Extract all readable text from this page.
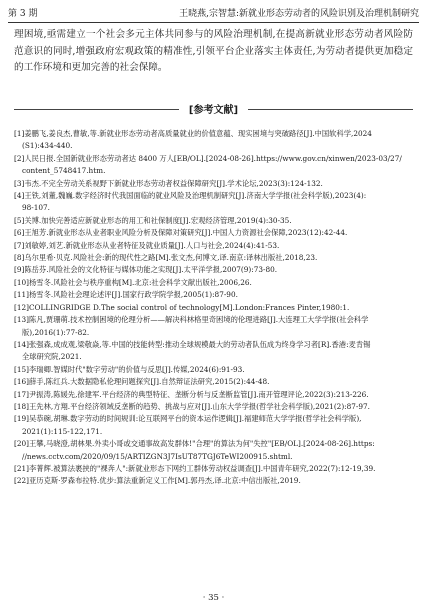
第 3 期	王晓燕,宗智慧:新就业形态劳动者的风险识别及治理机制研究
理困境,亟需建立一个社会多元主体共同参与的风险治理机制,在提高新就业形态劳动者风险防范意识的同时,增强政府宏观政策的精准性,引领平台企业落实主体责任,为劳动者提供更加稳定的工作环境和更加完善的社会保障。
[参考文献]
[1]姜鹏飞,姜良杰,曹敏,等.新就业形态劳动者高质量就业的价值意蕴、现实困境与突破路径[J].中国软科学,2024
(S1):434-440.
[2]人民日报.全国新就业形态劳动者达 8400 万人[EB/OL].[2024-08-26].https://www.gov.cn/xinwen/2023-03/27/
content_5748417.htm.
[3]韦杰.不完全劳动关系视野下新就业形态劳动者权益保障研究[J].学术论坛,2023(3):124-132.
[4]王铁,刘董,魏巍.数字经济时代我国面临的就业风险及治理机制研究[J].济南大学学报(社会科学版),2023(4):
98-107.
[5]关博.加快完善适应新就业形态的用工和社保制度[J].宏观经济管理,2019(4):30-35.
[6]王旭芳.新就业形态从业者职业风险分析及保障对策研究[J].中国人力资源社会保障,2023(12):42-44.
[7]刘敏婷,刘艺.新就业形态从业者特征及就业质量[J].人口与社会,2024(4):41-53.
[8]乌尔里希·贝克.风险社会:新的现代性之路[M].张文杰,何博文,译.南京:译林出版社,2018,23.
[9]陈岳芬.风险社会的文化特征与媒体功能之实现[J].太平洋学报,2007(9):73-80.
[10]杨雪冬.风险社会与秩序重构[M].北京:社会科学文献出版社,2006,26.
[11]杨雪冬.风险社会理论述评[J].国家行政学院学报,2005(1):87-90.
[12]COLLINGRIDGE D.The social control of technology[M].London:Frances Pinter,1980:1.
[13]陈凡,贾珊萌.技术控制困境的伦理分析——解决科林格里奇困境的伦理进路[J].大连理工大学学报(社会科学
版),2016(1):77-82.
[14]张强森,成成观,梁敬焱,等.中国的技能转型:推动全球规模最大的劳动者队伍成为终身学习者[R].香港:麦肯锡
全球研究院,2021.
[15]李瑞卿.智媒时代"数字劳动"的价值与反思[J].传媒,2024(6):91-93.
[16]薛手,陈红兵.大数据隐私伦理问题探究[J].自然辩证法研究,2015(2):44-48.
[17]尹振涛,陈媛先,徐建军.平台经济的典型特征、垄断分析与反垄断监管[J].南开管理评论,2022(3):213-226.
[18]王先林,方翔.平台经济领域反垄断的趋势、挑战与应对[J].山东大学学报(哲学社会科学版),2021(2):87-97.
[19]吴恭碗,胡琳.数字劳动的时间规训:论互联网平台的资本运作逻辑[J].福建师范大学学报(哲学社会科学版),
2021(1):115-122,171.
[20]王攀,马晓澄,胡林果.外卖小哥或交通事故高发群体!"合理"的算法为何"失控"[EB/OL].[2024-08-26].https:
//news.cctv.com/2020/09/15/ARTIZGN3J7IsUT87TGJ6TeWI200915.shtml.
[21]李菁辉.被算法裹挟的"裸奔人":新就业形态下网约工群体劳动权益调查[J].中国青年研究,2022(7):12-19,39.
[22]亚历克斯·罗森布拉特.优步:算法重新定义工作[M].郭丹杰,译.北京:中信出版社,2019.
· 35 ·
